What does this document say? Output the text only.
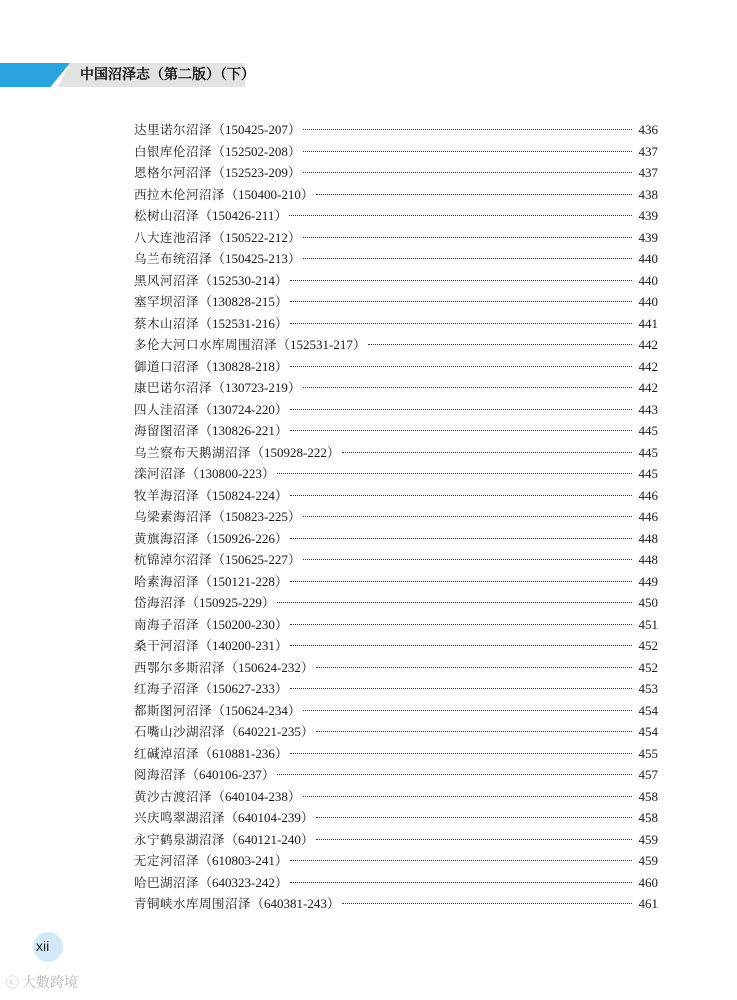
中国沼泽志（第二版）（下）
达里诺尔沼泽 （ 150425-207 ）	436
白银库伦沼泽 （ 152502-208 ）	437
恩格尔河沼泽 （ 152523-209 ）	437
西拉木伦河沼泽 （ 150400-210 ）	438
松树山沼泽 （ 150426-211 ）	439
八大连池沼泽 （ 150522-212 ）	439
乌兰布统沼泽 （ 150425-213 ）	440
黑风河沼泽 （ 152530-214 ）	440
塞罕坝沼泽 （ 130828-215 ）	440
蔡木山沼泽 （ 152531-216 ）	441
多伦大河口水库周围沼泽 （ 152531-217 ）	442
御道口沼泽 （ 130828-218 ）	442
康巴诺尔沼泽 （ 130723-219 ）	442
四人洼沼泽 （ 130724-220 ）	443
海留图沼泽 （ 130826-221 ）	445
乌兰察布天鹅湖沼泽 （ 150928-222 ）	445
滦河沼泽 （ 130800-223 ）	445
牧羊海沼泽 （ 150824-224 ）	446
乌梁素海沼泽 （ 150823-225 ）	446
黄旗海沼泽 （ 150926-226 ）	448
杭锦淖尔沼泽 （ 150625-227 ）	448
哈素海沼泽 （ 150121-228 ）	449
岱海沼泽 （ 150925-229 ）	450
南海子沼泽 （ 150200-230 ）	451
桑干河沼泽 （ 140200-231 ）	452
西鄂尔多斯沼泽 （ 150624-232 ）	452
红海子沼泽 （ 150627-233 ）	453
都斯图河沼泽 （ 150624-234 ）	454
石嘴山沙湖沼泽 （ 640221-235 ）	454
红碱淖沼泽 （ 610881-236 ）	455
阅海沼泽 （ 640106-237 ）	457
黄沙古渡沼泽 （ 640104-238 ）	458
兴庆鸣翠湖沼泽 （ 640104-239 ）	458
永宁鹤泉湖沼泽 （ 640121-240 ）	459
无定河沼泽 （ 610803-241 ）	459
哈巴湖沼泽 （ 640323-242 ）	460
青铜峡水库周围沼泽 （ 640381-243 ）	461
xii
ⓒ 大數跨境
